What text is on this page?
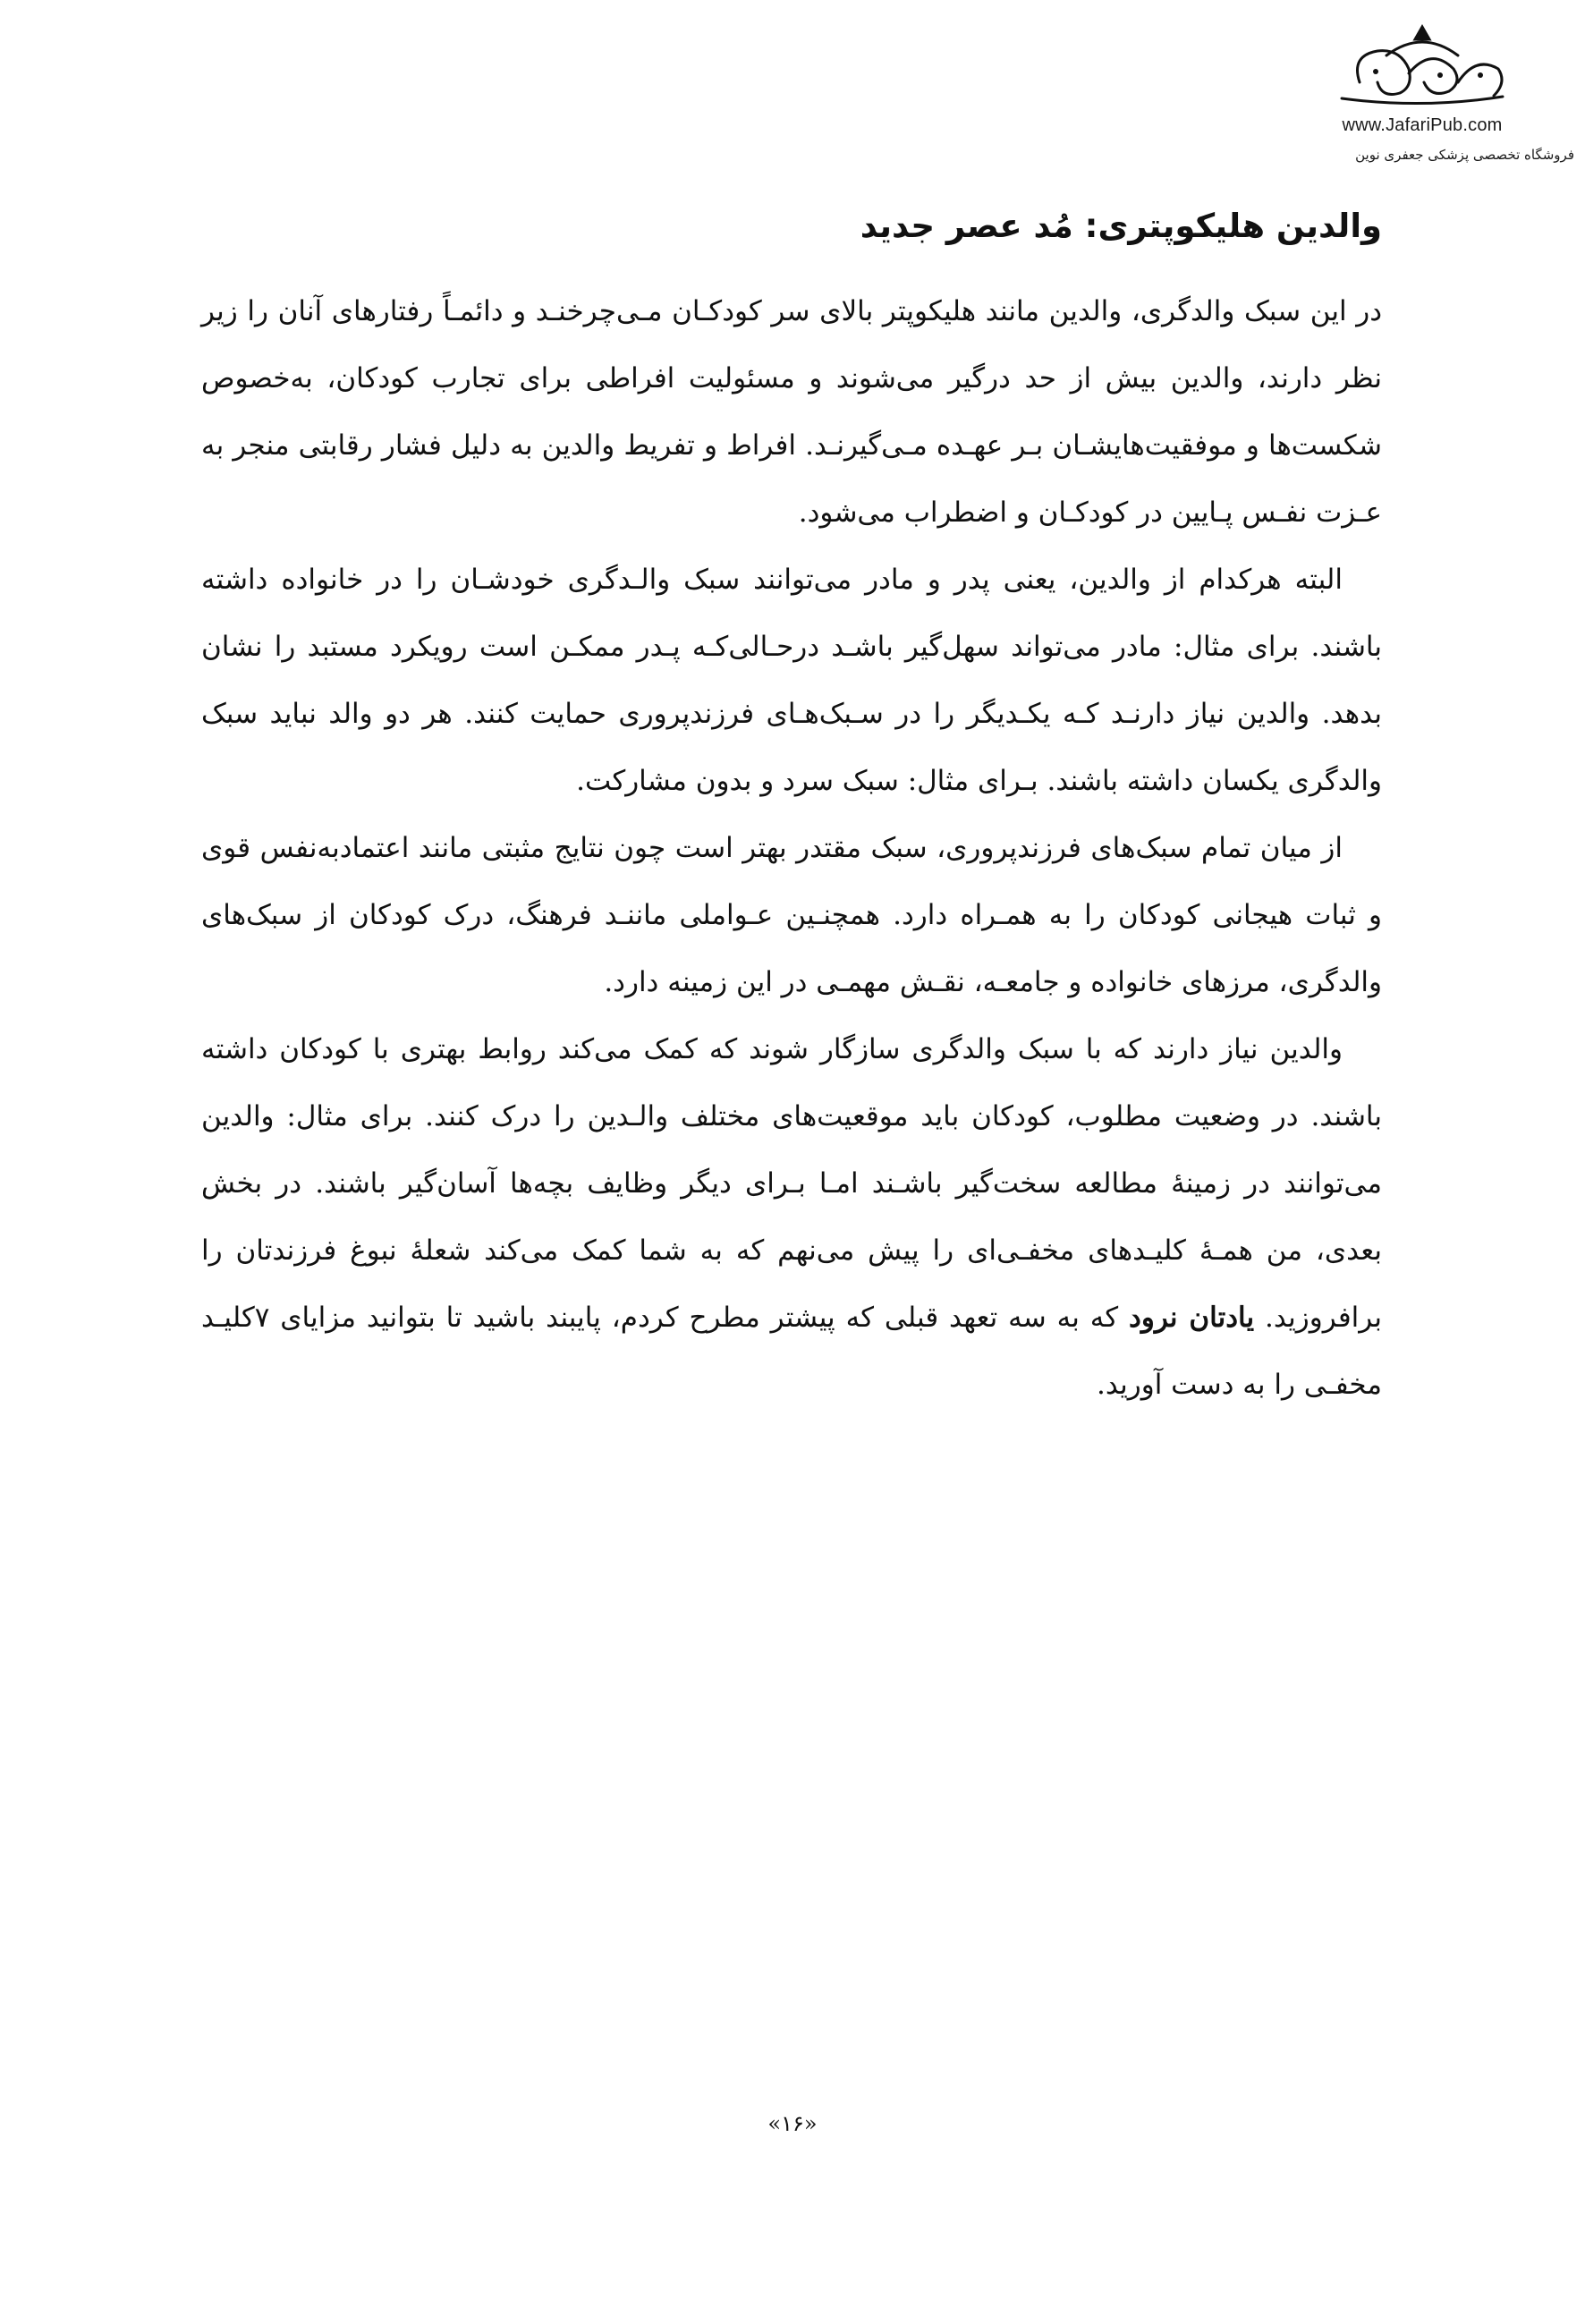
www.JafariPub.com
فروشگاه تخصصی پزشکی جعفری نوین
والدین هلیکوپتری: مُد عصر جدید

در این سبک والدگری، والدین مانند هلیکوپتر بالای سر کودکـان مـی‌چرخنـد و دائمـاً رفتارهای آنان را زیر نظر دارند، والدین بیش از حد درگیر می‌شوند و مسئولیت افراطی برای تجارب کودکان، به‌خصوص شکست‌ها و موفقیت‌هایشـان بـر عهـده مـی‌گیرنـد. افراط و تفریط والدین به دلیل فشار رقابتی منجر به عـزت نفـس پـایین در کودکـان و اضطراب می‌شود.

البته هرکدام از والدین، یعنی پدر و مادر می‌توانند سبک والـدگری خودشـان را در خانواده داشته باشند. برای مثال: مادر می‌تواند سهل‌گیر باشـد درحـالی‌کـه پـدر ممکـن است رویکرد مستبد را نشان بدهد. والدین نیاز دارنـد کـه یکـدیگر را در سـبک‌هـای فرزندپروری حمایت کنند. هر دو والد نباید سبک والدگری یکسان داشته باشند. بـرای مثال: سبک سرد و بدون مشارکت.

از میان تمام سبک‌های فرزندپروری، سبک مقتدر بهتر است چون نتایج مثبتی مانند اعتمادبه‌نفس قوی و ثبات هیجانی کودکان را به همـراه دارد. همچنـین عـواملی ماننـد فرهنگ، درک کودکان از سبک‌های والدگری، مرزهای خانواده و جامعـه، نقـش مهمـی در این زمینه دارد.

والدین نیاز دارند که با سبک والدگری سازگار شوند که کمک می‌کند روابط بهتری با کودکان داشته باشند. در وضعیت مطلوب، کودکان باید موقعیت‌های مختلف والـدین را درک کنند. برای مثال: والدین می‌توانند در زمینهٔ مطالعه سخت‌گیر باشـند امـا بـرای دیگر وظایف بچه‌ها آسان‌گیر باشند. در بخش بعدی، من همـهٔ کلیـدهای مخفـی‌ای را پیش می‌نهم که به شما کمک می‌کند شعلهٔ نبوغ فرزندتان را برافروزید. یادتان نرود که به سه تعهد قبلی که پیشتر مطرح کردم، پایبند باشید تا بتوانید مزایای ۷کلیـد مخفـی را به دست آورید.

«۱۶»
